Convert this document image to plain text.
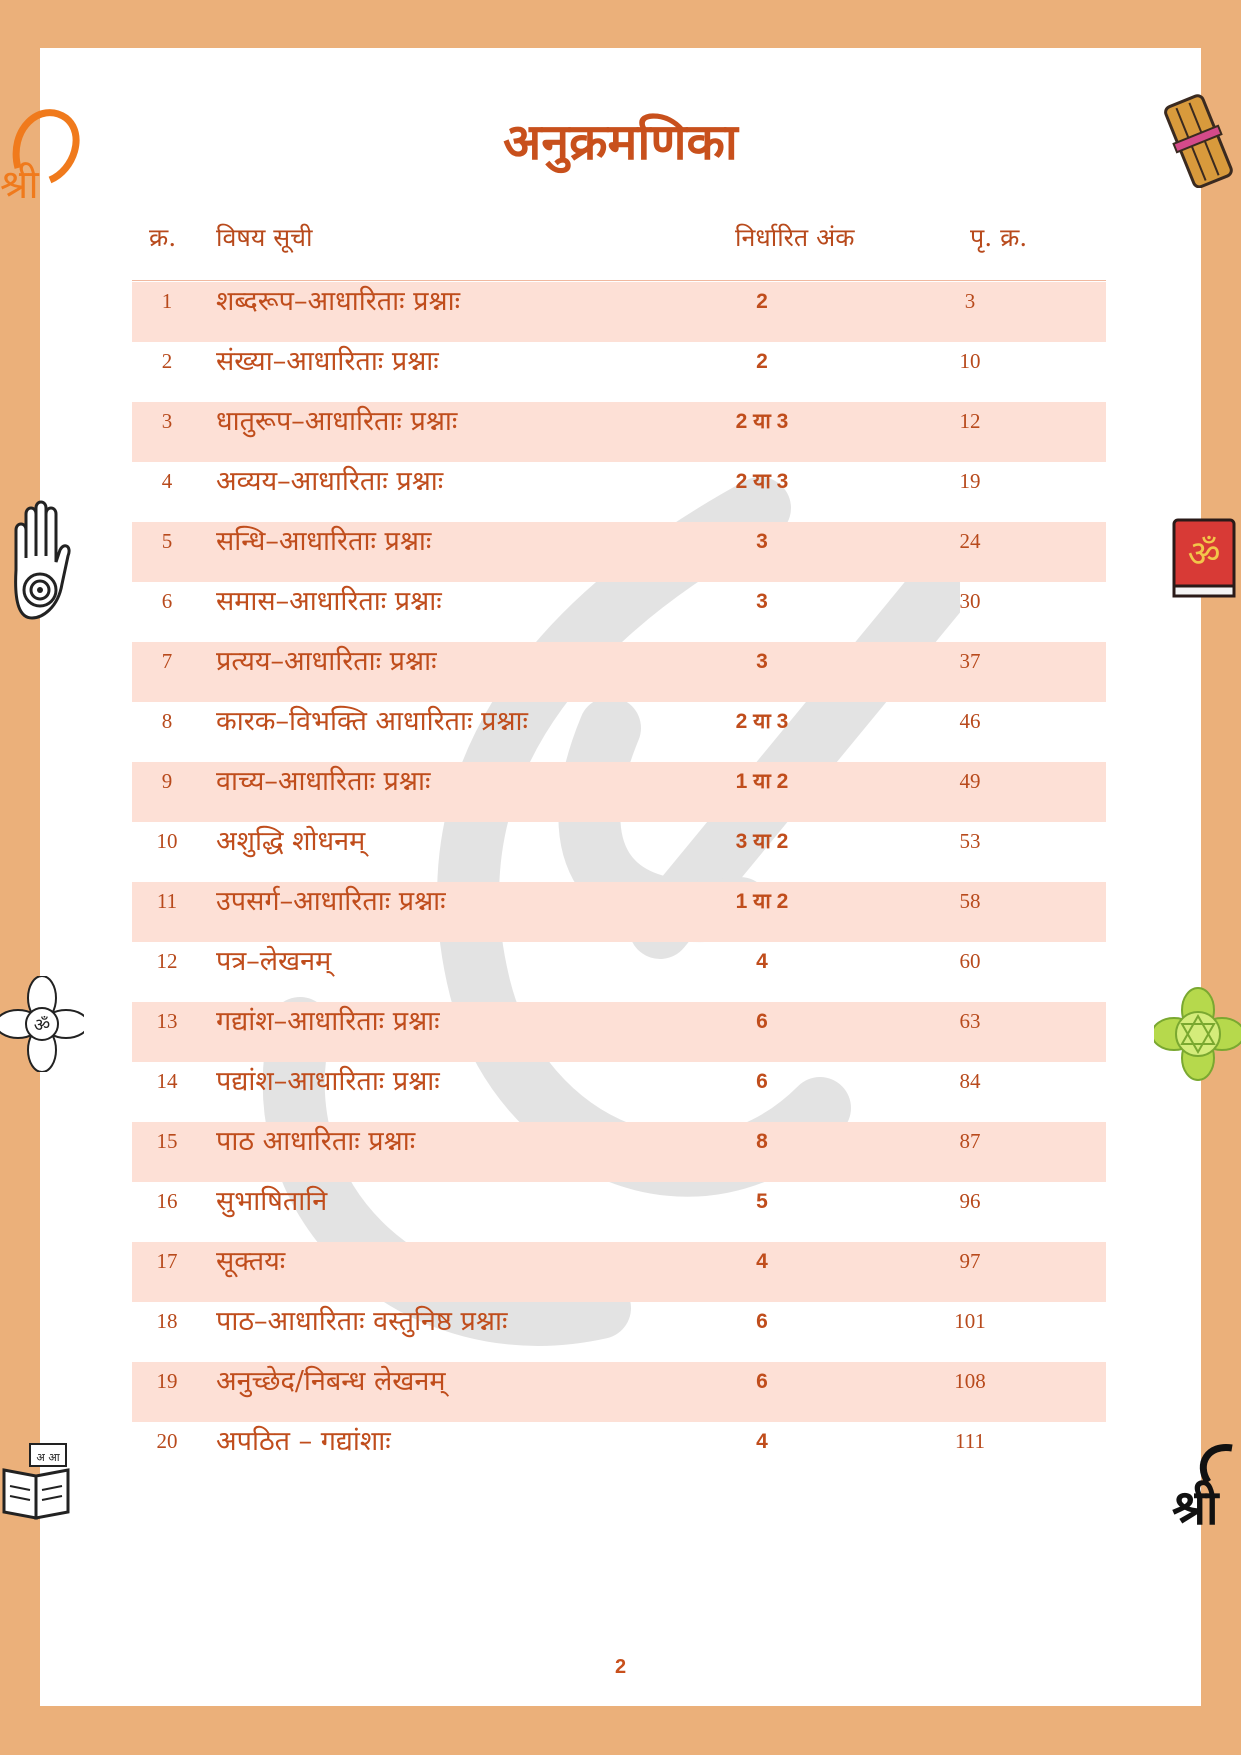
अनुक्रमणिका
क्र. विषय सूची	निर्धारित अंक	पृ. क्र.
1	शब्दरूप–आधारिताः प्रश्नाः	2	3
2	संख्या–आधारिताः प्रश्नाः	2	10
3	धातुरूप–आधारिताः प्रश्नाः	2 या 3	12
4	अव्यय–आधारिताः प्रश्नाः	2 या 3	19
5	सन्धि–आधारिताः प्रश्नाः	3	24
6	समास–आधारिताः प्रश्नाः	3	30
7	प्रत्यय–आधारिताः प्रश्नाः	3	37
8	कारक–विभक्ति आधारिताः प्रश्नाः	2 या 3	46
9	वाच्य–आधारिताः प्रश्नाः	1 या 2	49
10	अशुद्धि शोधनम्	3 या 2	53
11	उपसर्ग–आधारिताः प्रश्नाः	1 या 2	58
12	पत्र–लेखनम्	4	60
13	गद्यांश–आधारिताः प्रश्नाः	6	63
14	पद्यांश–आधारिताः प्रश्नाः	6	84
15	पाठ आधारिताः प्रश्नाः	8	87
16	सुभाषितानि	5	96
17	सूक्तयः	4	97
18	पाठ–आधारिताः वस्तुनिष्ठ प्रश्नाः	6	101
19	अनुच्छेद/निबन्ध लेखनम्	6	108
20	अपठित – गद्यांशाः	4	111
2
श्री
ॐ
ॐ
अ आ
श्री
